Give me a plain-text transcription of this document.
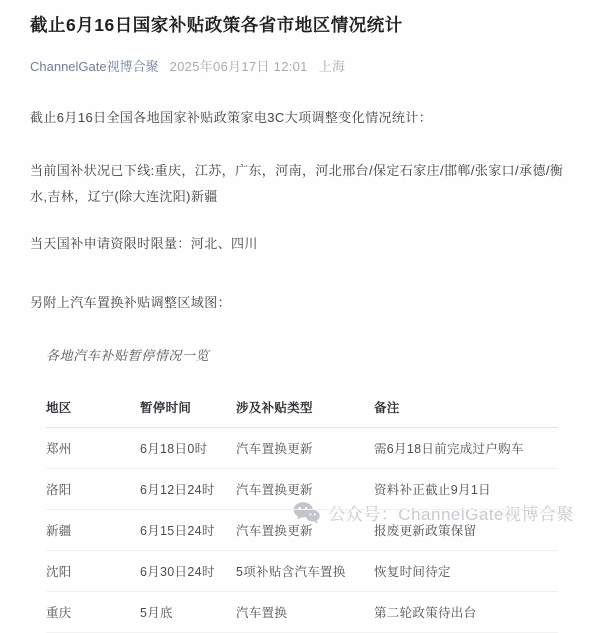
截止6月16日国家补贴政策各省市地区情况统计
ChannelGate视博合聚 2025年06月17日 12:01 上海

截止6月16日全国各地国家补贴政策家电3C大项调整变化情况统计：

当前国补状况已下线:重庆，江苏，广东，河南，河北邢台/保定石家庄/邯郸/张家口/承德/衡水,吉林，辽宁(除大连沈阳)新疆

当天国补申请资限时限量：河北、四川

另附上汽车置换补贴调整区域图：

各地汽车补贴暂停情况一览
地区	暂停时间	涉及补贴类型	备注
郑州	6月18日0时	汽车置换更新	需6月18日前完成过户购车
洛阳	6月12日24时	汽车置换更新	资料补正截止9月1日
新疆	6月15日24时	汽车置换更新	报废更新政策保留
沈阳	6月30日24时	5项补贴含汽车置换	恢复时间待定
重庆	5月底	汽车置换	第二轮政策待出台
公众号：ChannelGate视博合聚
